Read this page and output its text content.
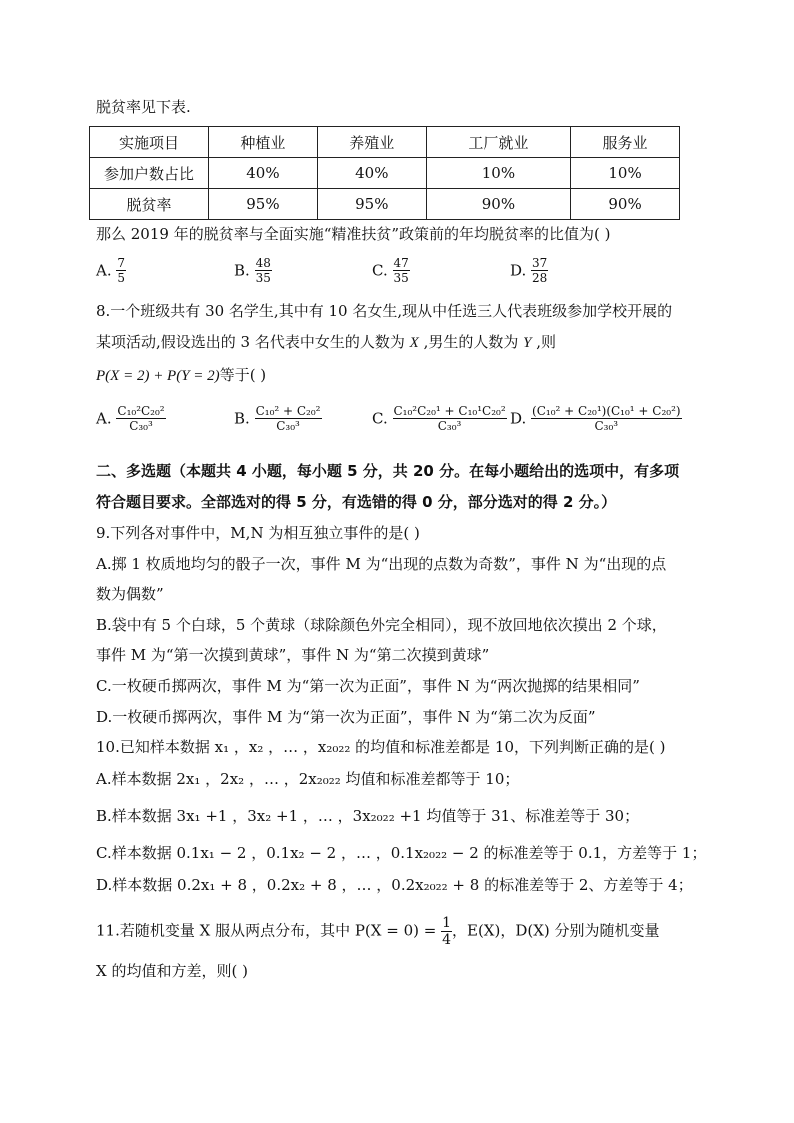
脱贫率见下表.
实施项目	种植业	养殖业	工厂就业	服务业
参加户数占比	40%	40%	10%	10%
脱贫率	95%	95%	90%	90%
那么 2019 年的脱贫率与全面实施“精准扶贫”政策前的年均脱贫率的比值为( )
A. $\frac{7}{5}$	B. $\frac{48}{35}$	C. $\frac{47}{35}$	D. $\frac{37}{28}$
8.一个班级共有 30 名学生,其中有 10 名女生,现从中任选三人代表班级参加学校开展的
某项活动,假设选出的 3 名代表中女生的人数为 X ,男生的人数为 Y ,则
P(X = 2) + P(Y = 2)等于( )
A. $\frac{\text{C₁₀²C₂₀²}}{\text{C₃₀³}}$	B. $\frac{\text{C₁₀² + C₂₀²}}{\text{C₃₀³}}$	C. $\frac{\text{C₁₀²C₂₀¹ + C₁₀¹C₂₀²}}{\text{C₃₀³}} D$. $\frac{\text{(C₁₀² + C₂₀¹)(C₁₀¹ + C₂₀²)}}{\text{C₃₀³}}$
二、多选题（本题共 4 小题，每小题 5 分，共 20 分。在每小题给出的选项中，有多项
符合题目要求。全部选对的得 5 分，有选错的得 0 分，部分选对的得 2 分。）
9.下列各对事件中，M,N 为相互独立事件的是( )
A.掷 1 枚质地均匀的骰子一次，事件 M 为“出现的点数为奇数”，事件 N 为“出现的点
数为偶数”
B.袋中有 5 个白球，5 个黄球（球除颜色外完全相同），现不放回地依次摸出 2 个球，
事件 M 为“第一次摸到黄球”，事件 N 为“第二次摸到黄球”
C.一枚硬币掷两次，事件 M 为“第一次为正面”，事件 N 为“两次抛掷的结果相同”
D.一枚硬币掷两次，事件 M 为“第一次为正面”，事件 N 为“第二次为反面”
10.已知样本数据 x₁ ，x₂ ，… ，x₂₀₂₂ 的均值和标准差都是 10，下列判断正确的是( )
A.样本数据 2x₁ ，2x₂ ，… ，2x₂₀₂₂ 均值和标准差都等于 10；
B.样本数据 3x₁ +1 ，3x₂ +1 ，… ，3x₂₀₂₂ +1 均值等于 31、标准差等于 30；
C.样本数据 0.1x₁ − 2 ，0.1x₂ − 2 ，… ，0.1x₂₀₂₂ − 2 的标准差等于 0.1，方差等于 1；
D.样本数据 0.2x₁ + 8 ，0.2x₂ + 8 ，… ，0.2x₂₀₂₂ + 8 的标准差等于 2、方差等于 4；
11.若随机变量 X 服从两点分布，其中 $P(X = 0) = \frac{1}{4}$ ，E(X)，D(X) 分别为随机变量
X 的均值和方差，则( )
